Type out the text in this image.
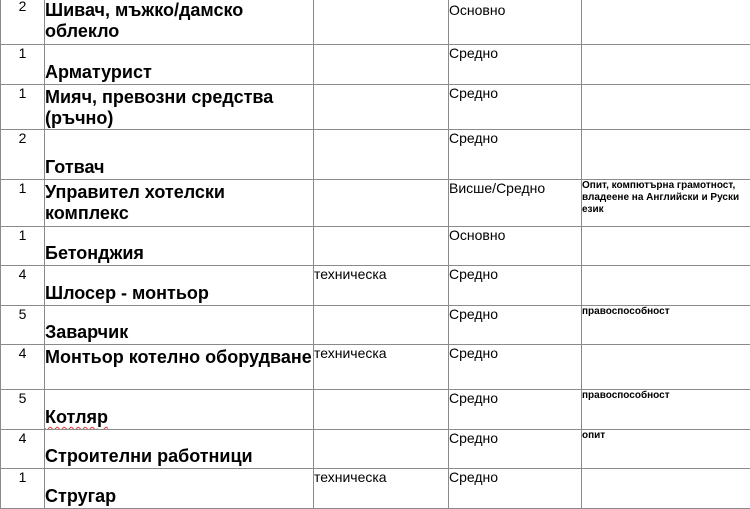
2	Шивач, мъжко/дамско облекло		Основно	
1	Арматурист		Средно	
1	Мияч, превозни средства (ръчно)		Средно	
2	Готвач		Средно	
1	Управител хотелски комплекс		Висше/Средно	Опит, компютърна грамотност, владеене на Английски и Руски език
1	Бетонджия		Основно	
4	Шлосер - монтьор	техническа	Средно	
5	Заварчик		Средно	правоспособност
4	Монтьор котелно оборудване	техническа	Средно	
5	Котляр		Средно	правоспособност
4	Строителни работници		Средно	опит
1	Стругар	техническа	Средно	
